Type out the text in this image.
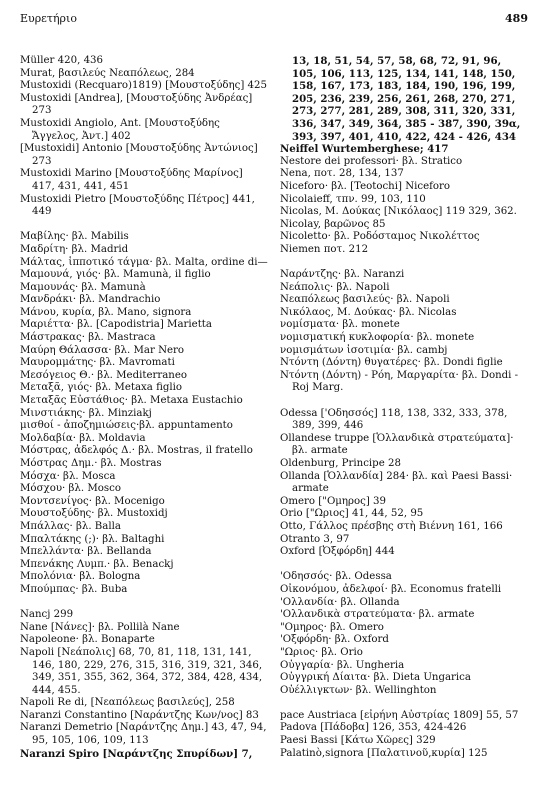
Ευρετήριο	489
Müller 420, 436
Murat, βασιλεύς Νεαπόλεως, 284
Mustoxidi (Recquaro)1819) [Μουστοξύδης] 425
Mustoxidi [Andrea], [Μουστοξύδης Ἀνδρέας] 273
Mustoxidi Angiolo, Ant. [Μουστοξύδης Ἄγγελος, Ἀντ.] 402
[Mustoxidi] Antonio [Μουστοξύδης Ἀντώνιος] 273
Mustoxidi Marino [Μουστοξύδης Μαρίνος] 417, 431, 441, 451
Mustoxidi Pietro [Μουστοξύδης Πέτρος] 441, 449
Μαβίλης· βλ. Mabilis
Μαδρίτη· βλ. Madrid
Μάλτας, ἱπποτικό τάγμα· βλ. Malta, ordine di—
Μαμουνά, γιός· βλ. Mamunà, il figlio
Μαμουνάς· βλ. Mamunà
Μανδράκι· βλ. Mandrachio
Μάνου, κυρία, βλ. Mano, signora
Μαριέττα· βλ. [Capodistria] Marietta
Μάστρακας· βλ. Mastraca
Μαύρη Θάλασσα· βλ. Mar Nero
Μαυρομμάτης· βλ. Mavromati
Μεσόγειος Θ.· βλ. Mediterraneo
Μεταξᾶ, γιός· βλ. Metaxa figlio
Μεταξᾶς Εὐστάθιος· βλ. Metaxa Eustachio
Μινστιάκης· βλ. Minziakj
μισθοί - ἀποζημιώσεις·βλ. appuntamento
Μολδαβία· βλ. Moldavia
Μόστρας, ἀδελφός Δ.· βλ. Mostras, il fratello
Μόστρας Δημ.· βλ. Mostras
Μόσχα· βλ. Mosca
Μόσχου· βλ. Mosco
Μοντσενίγος· βλ. Mocenigo
Μουστοξύδης· βλ. Mustoxidj
Μπάλλας· βλ. Balla
Μπαλτάκης (;)· βλ. Baltaghi
Μπελλάντα· βλ. Bellanda
Μπενάκης Λυμπ.· βλ. Benackj
Μπολόνια· βλ. Bologna
Μπούμπας· βλ. Buba
Nancj 299
Nane [Νάνες]· βλ. Pollilà Nane
Napoleone· βλ. Bonaparte
Napoli [Νεάπολις] 68, 70, 81, 118, 131, 141, 146, 180, 229, 276, 315, 316, 319, 321, 346, 349, 351, 355, 362, 364, 372, 384, 428, 434, 444, 455.
Napoli Re di, [Νεαπόλεως βασιλεύς], 258
Naranzi Constantino [Ναράντζης Κων/νος] 83
Naranzi Demetrio [Ναράντζης Δημ.] 43, 47, 94, 95, 105, 106, 109, 113
Naranzi Spiro [Ναράντζης Σπυρίδων] 7,
13, 18, 51, 54, 57, 58, 68, 72, 91, 96, 105, 106, 113, 125, 134, 141, 148, 150, 158, 167, 173, 183, 184, 190, 196, 199, 205, 236, 239, 256, 261, 268, 270, 271, 273, 277, 281, 289, 308, 311, 320, 331, 336, 347, 349, 364, 385 - 387, 390, 39α, 393, 397, 401, 410, 422, 424 - 426, 434
Neiffel Wurtemberghese; 417
Nestore dei professori· βλ. Stratico
Nena, ποτ. 28, 134, 137
Niceforo· βλ. [Teotochi] Niceforo
Nicolaieff, τπν. 99, 103, 110
Nicolas, M. Δούκας [Νικόλαος] 119 329, 362.
Nicolay, βαρῶνος 85
Nicoletto· βλ. Ροδόσταμος Νικολέττος
Niemen ποτ. 212
Ναράντζης· βλ. Naranzi
Νεάπολις· βλ. Napoli
Νεαπόλεως βασιλεύς· βλ. Napoli
Νικόλαος, Μ. Δούκας· βλ. Nicolas
νομίσματα· βλ. monete
νομισματική κυκλοφορία· βλ. monete
νομισμάτων ἰσοτιμία· βλ. cambj
Ντόντη (Δόντη) θυγατέρες· βλ. Dondi figlie
Ντόντη (Δόντη) - Ρόη, Μαργαρίτα· βλ. Dondi - Roj Marg.
Odessa ['Οδησσός] 118, 138, 332, 333, 378, 389, 399, 446
Ollandese truppe [Ὁλλανδικὰ στρατεύματα]· βλ. armate
Oldenburg, Principe 28
Ollanda [Ὁλλανδία] 284· βλ. καὶ Paesi Bassi· armate
Omero ["Ομηρος] 39
Orio ["Ωριος] 41, 44, 52, 95
Otto, Γάλλος πρέσβης στὴ Βιέννη 161, 166
Otranto 3, 97
Oxford [Ὀξφόρδη] 444
'Οδησσός· βλ. Odessa
Οἰκονόμου, ἀδελφοί· βλ. Economus fratelli
'Ολλανδία· βλ. Ollanda
'Ολλανδικὰ στρατεύματα· βλ. armate
"Ομηρος· βλ. Omero
'Οξφόρδη· βλ. Oxford
"Ωριος· βλ. Orio
Οὐγγαρία· βλ. Ungheria
Οὐγγρική Δίαιτα· βλ. Dieta Ungarica
Οὐέλλιγκτων· βλ. Wellinghton
pace Austriaca [εἰρήνη Αὐστρίας 1809] 55, 57
Padova [Πάδοβα] 126, 353, 424-426
Paesi Bassi [Κάτω Χῶρες] 329
Palatinò,signora [Παλατινοῦ,κυρία] 125
